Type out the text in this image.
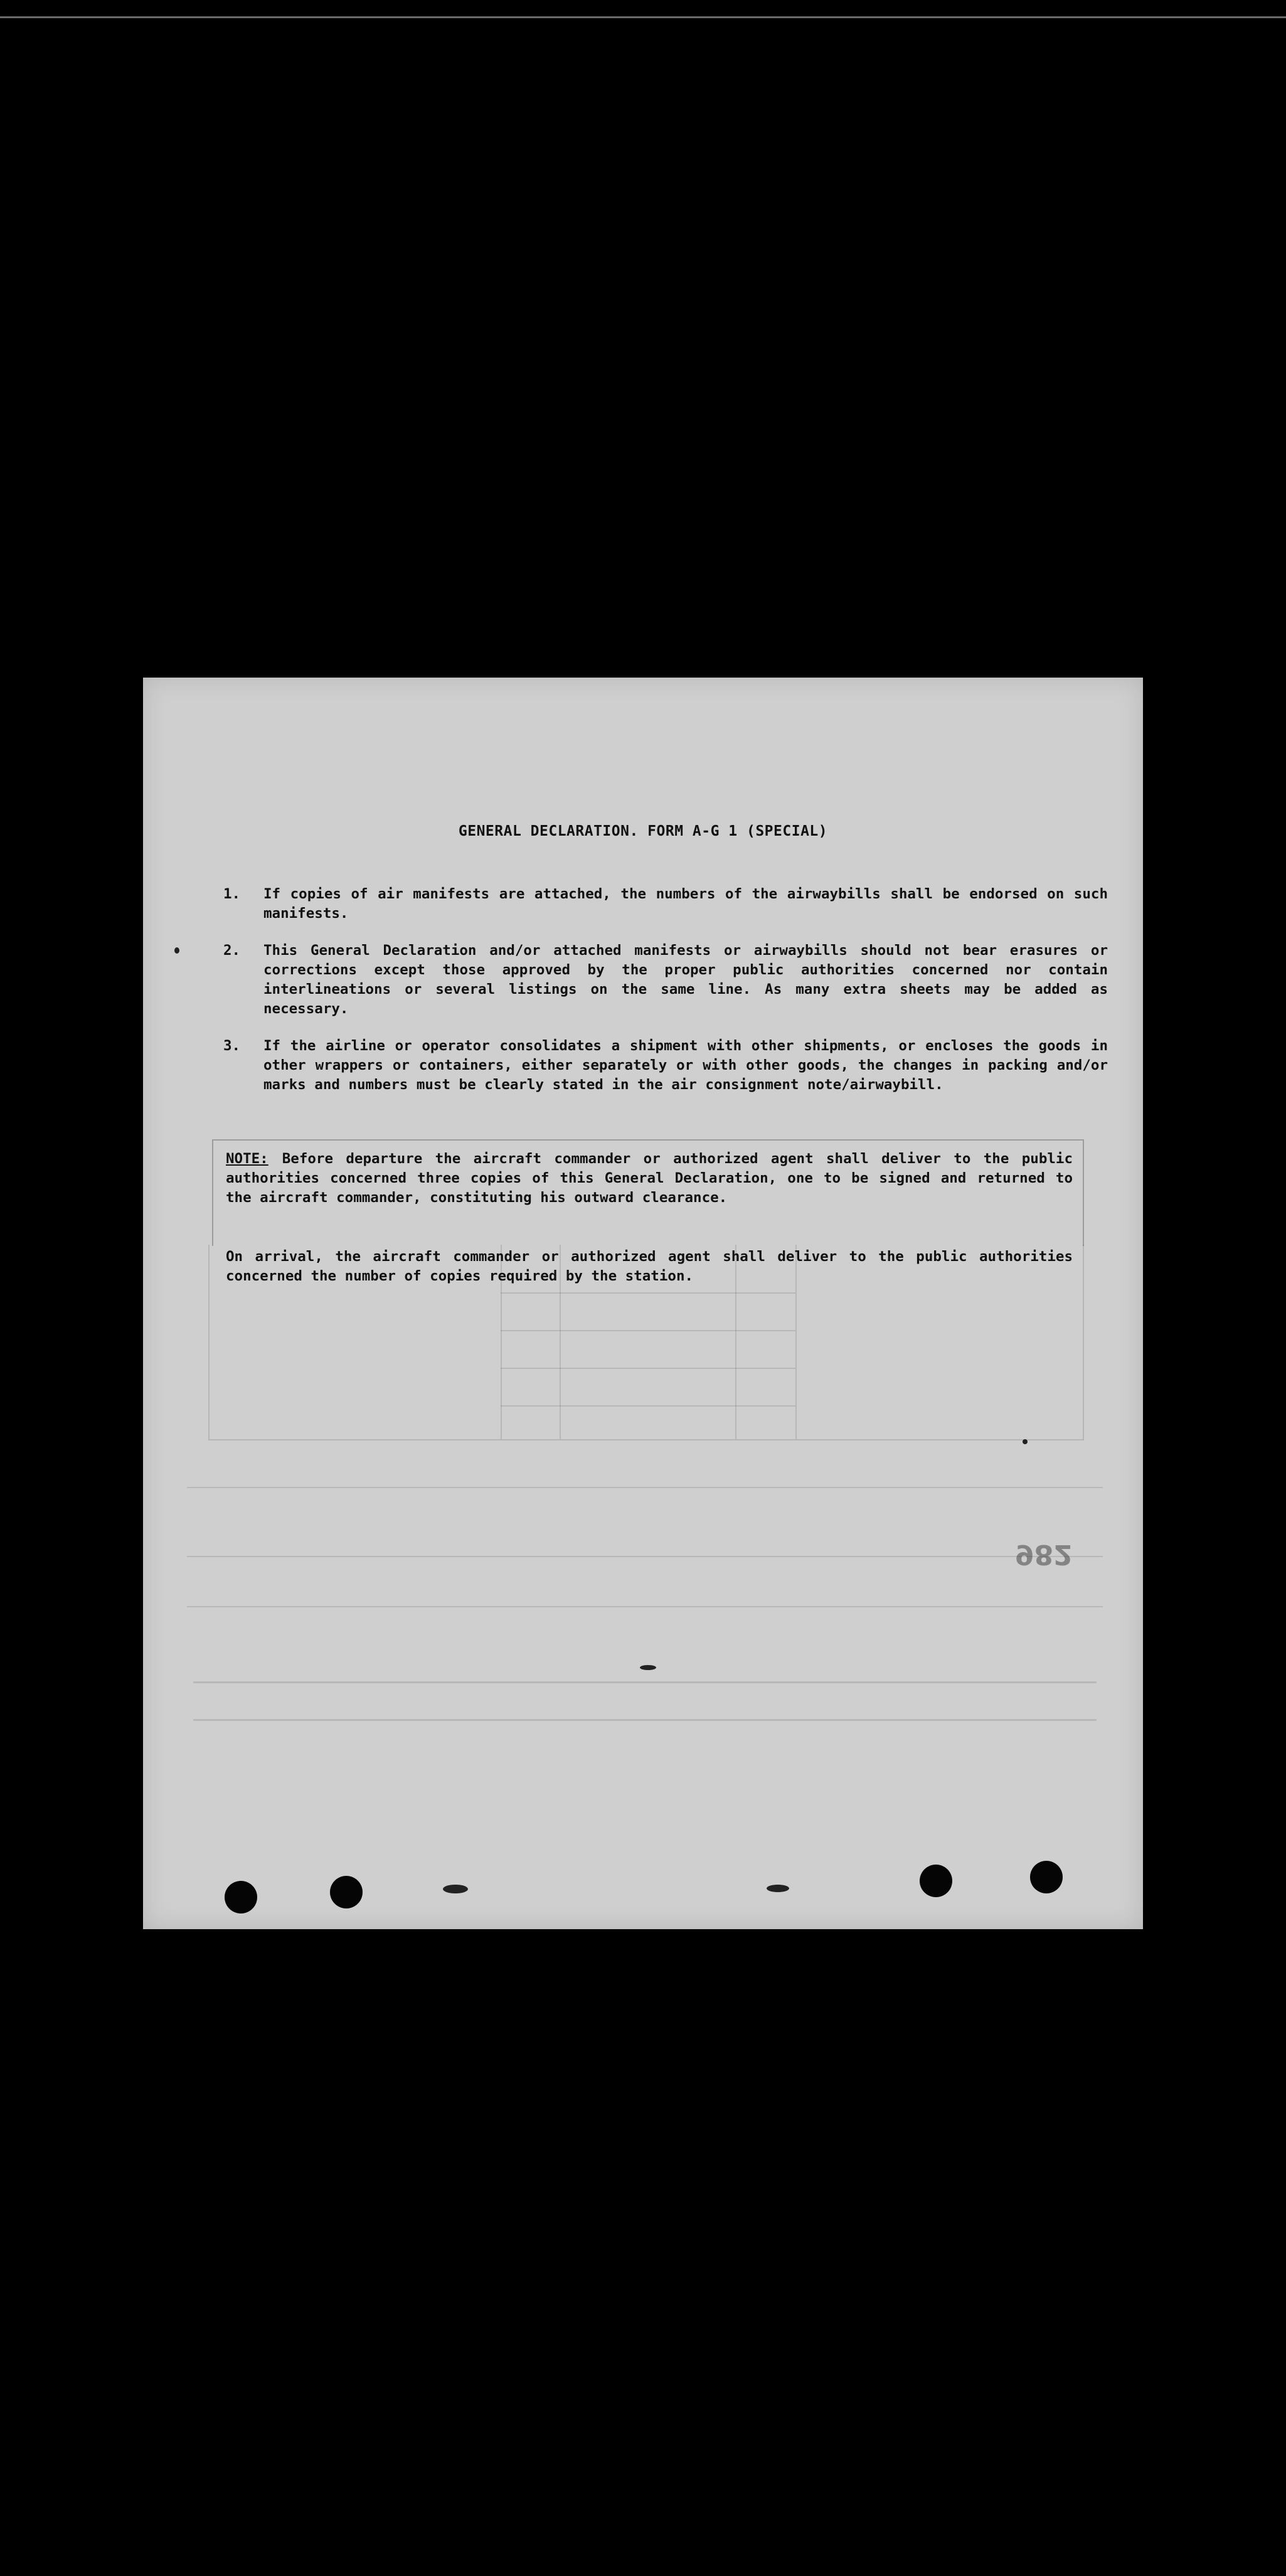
GENERAL DECLARATION. FORM A-G 1 (SPECIAL)
1.	If copies of air manifests are attached, the numbers of the airwaybills shall be endorsed on such manifests.
2.	This General Declaration and/or attached manifests or airwaybills should not bear erasures or corrections except those approved by the proper public authorities concerned nor contain interlineations or several listings on the same line. As many extra sheets may be added as necessary.
3.	If the airline or operator consolidates a shipment with other shipments, or encloses the goods in other wrappers or containers, either separately or with other goods, the changes in packing and/or marks and numbers must be clearly stated in the air consignment note/airwaybill.
NOTE: Before departure the aircraft commander or authorized agent shall deliver to the public authorities concerned three copies of this General Declaration, one to be signed and returned to the aircraft commander, constituting his outward clearance.
On arrival, the aircraft commander or authorized agent shall deliver to the public authorities concerned the number of copies required by the station.
982
